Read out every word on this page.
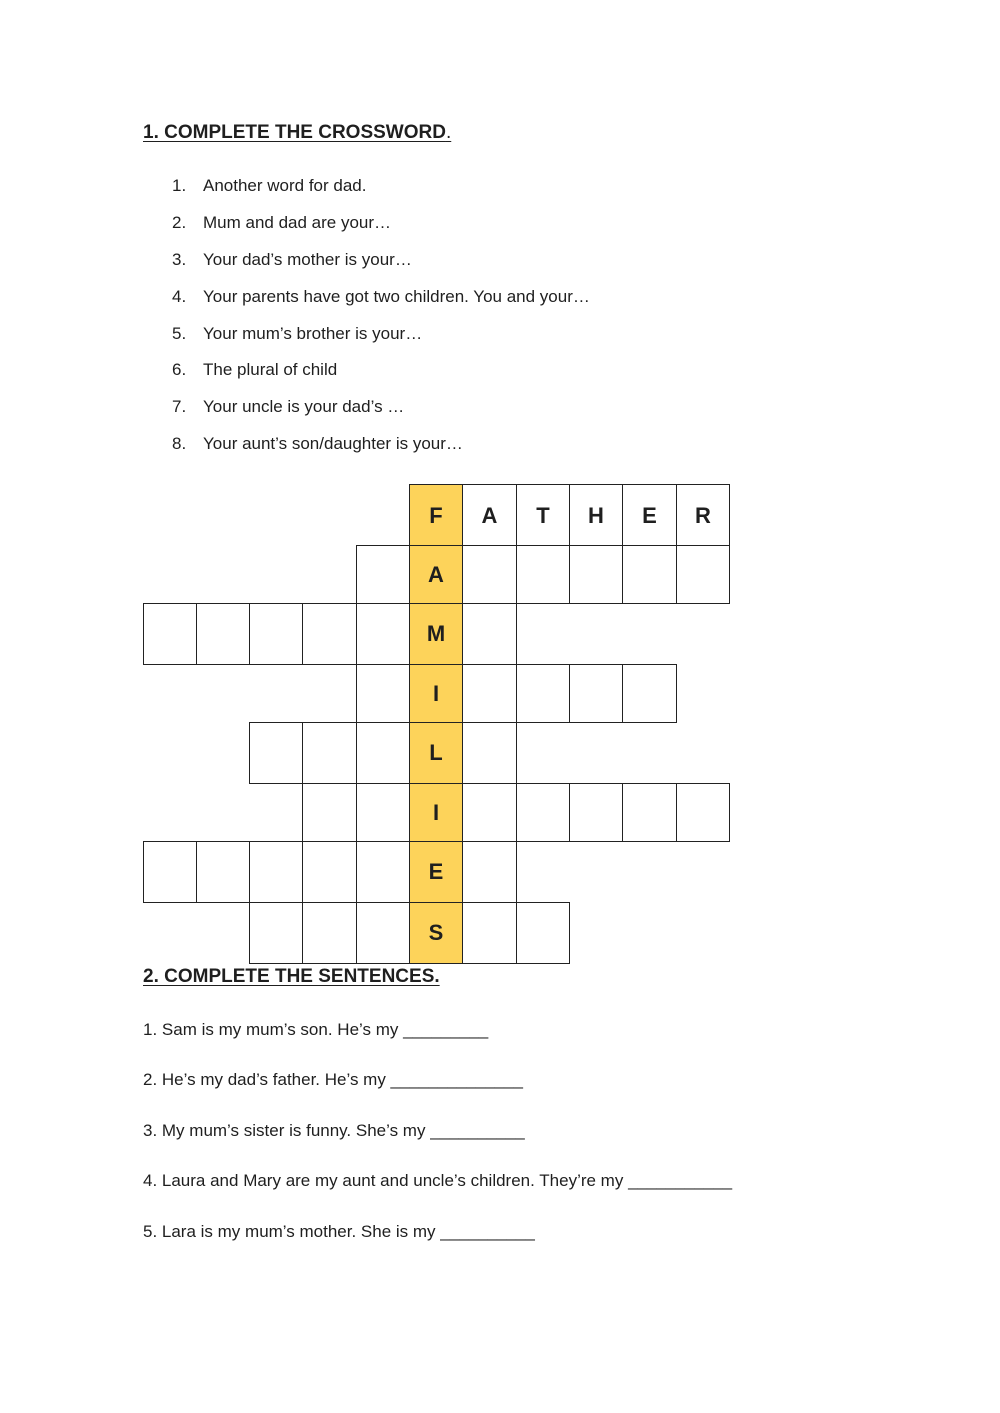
1. COMPLETE THE CROSSWORD.
1. Another word for dad.
2. Mum and dad are your…
3. Your dad’s mother is your…
4. Your parents have got two children. You and your…
5. Your mum’s brother is your…
6. The plural of child
7. Your uncle is your dad’s …
8. Your aunt’s son/daughter is your…
F A T H E R
A
M
I
L
I
E
S
2. COMPLETE THE SENTENCES.
1. Sam is my mum’s son. He’s my _________
2. He’s my dad’s father. He’s my ______________
3. My mum’s sister is funny. She’s my __________
4. Laura and Mary are my aunt and uncle’s children. They’re my ___________
5. Lara is my mum’s mother. She is my __________
